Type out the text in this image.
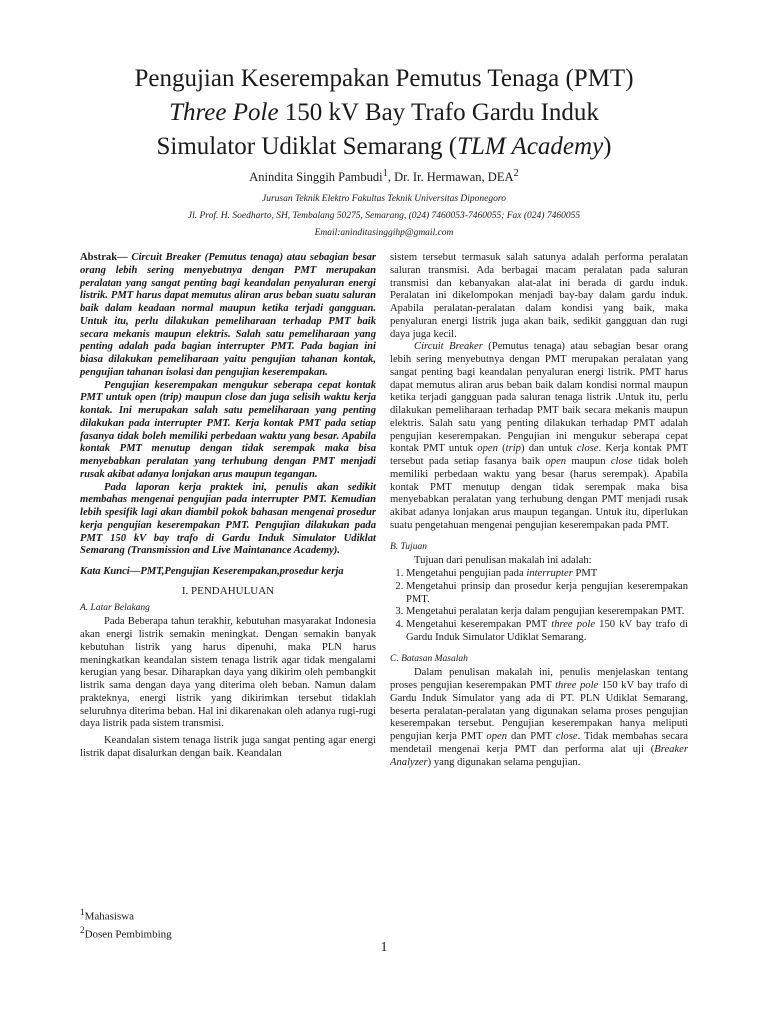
Pengujian Keserempakan Pemutus Tenaga (PMT)
Three Pole 150 kV Bay Trafo Gardu Induk
Simulator Udiklat Semarang (TLM Academy)
Anindita Singgih Pambudi$^1$, Dr. Ir. Hermawan, DEA$^2$
Jurusan Teknik Elektro Fakultas Teknik Universitas Diponegoro
Jl. Prof. H. Soedharto, SH, Tembalang 50275, Semarang, (024) 7460053-7460055; Fax (024) 7460055
Email:aninditasinggihp@gmail.com

Abstrak— Circuit Breaker (Pemutus tenaga) atau sebagian besar orang lebih sering menyebutnya dengan PMT merupakan peralatan yang sangat penting bagi keandalan penyaluran energi listrik. PMT harus dapat memutus aliran arus beban suatu saluran baik dalam keadaan normal maupun ketika terjadi gangguan. Untuk itu, perlu dilakukan pemeliharaan terhadap PMT baik secara mekanis maupun elektris. Salah satu pemeliharaan yang penting adalah pada bagian interrupter PMT. Pada bagian ini biasa dilakukan pemeliharaan yaitu pengujian tahanan kontak, pengujian tahanan isolasi dan pengujian keserempakan.

Pengujian keserempakan mengukur seberapa cepat kontak PMT untuk open (trip) maupun close dan juga selisih waktu kerja kontak. Ini merupakan salah satu pemeliharaan yang penting dilakukan pada interrupter PMT. Kerja kontak PMT pada setiap fasanya tidak boleh memiliki perbedaan waktu yang besar. Apabila kontak PMT menutup dengan tidak serempak maka bisa menyebabkan peralatan yang terhubung dengan PMT menjadi rusak akibat adanya lonjakan arus maupun tegangan.

Pada laporan kerja praktek ini, penulis akan sedikit membahas mengenai pengujian pada interrupter PMT. Kemudian lebih spesifik lagi akan diambil pokok bahasan mengenai prosedur kerja pengujian keserempakan PMT. Pengujian dilakukan pada PMT 150 kV bay trafo di Gardu Induk Simulator Udiklat Semarang (Transmission and Live Maintanance Academy).

Kata Kunci—PMT,Pengujian Keserempakan,prosedur kerja

I. PENDAHULUAN
A. Latar Belakang

Pada Beberapa tahun terakhir, kebutuhan masyarakat Indonesia akan energi listrik semakin meningkat. Dengan semakin banyak kebutuhan listrik yang harus dipenuhi, maka PLN harus meningkatkan keandalan sistem tenaga listrik agar tidak mengalami kerugian yang besar. Diharapkan daya yang dikirim oleh pembangkit listrik sama dengan daya yang diterima oleh beban. Namun dalam prakteknya, energi listrik yang dikirimkan tersebut tidaklah seluruhnya diterima beban. Hal ini dikarenakan oleh adanya rugi-rugi daya listrik pada sistem transmisi.

Keandalan sistem tenaga listrik juga sangat penting agar energi listrik dapat disalurkan dengan baik. Keandalan

sistem tersebut termasuk salah satunya adalah performa peralatan saluran transmisi. Ada berbagai macam peralatan pada saluran transmisi dan kebanyakan alat-alat ini berada di gardu induk. Peralatan ini dikelompokan menjadi bay-bay dalam gardu induk. Apabila peralatan-peralatan dalam kondisi yang baik, maka penyaluran energi listrik juga akan baik, sedikit gangguan dan rugi daya juga kecil.

Circuit Breaker (Pemutus tenaga) atau sebagian besar orang lebih sering menyebutnya dengan PMT merupakan peralatan yang sangat penting bagi keandalan penyaluran energi listrik. PMT harus dapat memutus aliran arus beban baik dalam kondisi normal maupun ketika terjadi gangguan pada saluran tenaga listrik .Untuk itu, perlu dilakukan pemeliharaan terhadap PMT baik secara mekanis maupun elektris. Salah satu yang penting dilakukan terhadap PMT adalah pengujian keserempakan. Pengujian ini mengukur seberapa cepat kontak PMT untuk open (trip) dan untuk close. Kerja kontak PMT tersebut pada setiap fasanya baik open maupun close tidak boleh memiliki perbedaan waktu yang besar (harus serempak). Apabila kontak PMT menutup dengan tidak serempak maka bisa menyebabkan peralatan yang terhubung dengan PMT menjadi rusak akibat adanya lonjakan arus maupun tegangan. Untuk itu, diperlukan suatu pengetahuan mengenai pengujian keserempakan pada PMT.

B. Tujuan

Tujuan dari penulisan makalah ini adalah:

1. Mengetahui pengujian pada interrupter PMT
2. Mengetahui prinsip dan prosedur kerja pengujian keserempakan PMT.
3. Mengetahui peralatan kerja dalam pengujian keserempakan PMT.
4. Mengetahui keserempakan PMT three pole 150 kV bay trafo di Gardu Induk Simulator Udiklat Semarang.
C. Batasan Masalah

Dalam penulisan makalah ini, penulis menjelaskan tentang proses pengujian keserempakan PMT three pole 150 kV bay trafo di Gardu Induk Simulator yang ada di PT. PLN Udiklat Semarang, beserta peralatan-peralatan yang digunakan selama proses pengujian keserempakan tersebut. Pengujian keserempakan hanya meliputi pengujian kerja PMT open dan PMT close. Tidak membahas secara mendetail mengenai kerja PMT dan performa alat uji (Breaker Analyzer) yang digunakan selama pengujian.

$^1$Mahasiswa
$^2$Dosen Pembimbing
1
